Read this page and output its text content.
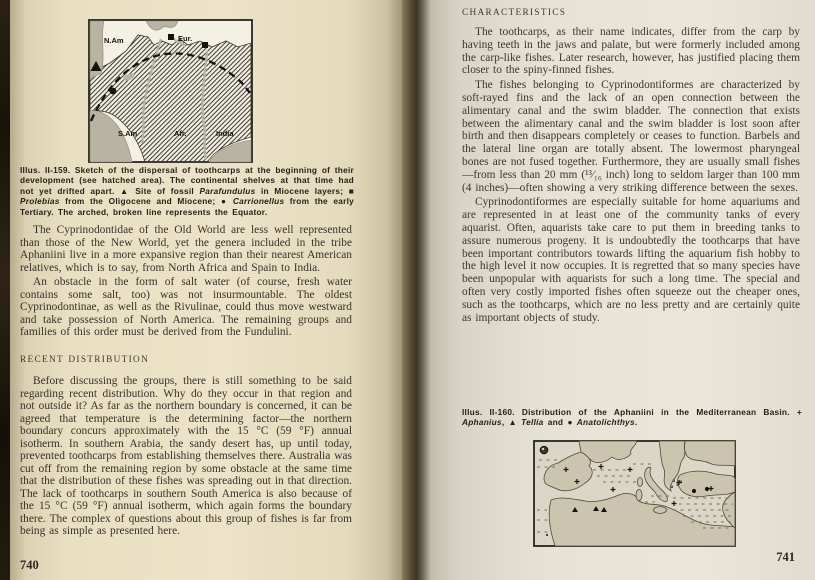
N.Am	Eur.
S.Am	Afr.	India
Illus. II-159. Sketch of the dispersal of toothcarps at the beginning of their development (see hatched area). The continental shelves at that time had not yet drifted apart. ▲ Site of fossil Parafundulus in Miocene layers; ■ Prolebias from the Oligocene and Miocene; ● Carrionellus from the early Tertiary. The arched, broken line represents the Equator.

The Cyprinodontidae of the Old World are less well represented than those of the New World, yet the genera included in the tribe Aphaniini live in a more expansive region than their nearest American relatives, which is to say, from North Africa and Spain to India.

An obstacle in the form of salt water (of course, fresh water contains some salt, too) was not insurmountable. The oldest Cyprinodontinae, as well as the Rivulinae, could thus move westward and take possession of North America. The remaining groups and families of this order must be derived from the Fundulini.

RECENT DISTRIBUTION

Before discussing the groups, there is still something to be said regarding recent distribution. Why do they occur in that region and not outside it? As far as the northern boundary is concerned, it can be agreed that temperature is the determining factor—the northern boundary concurs approximately with the 15 °C (59 °F) annual isotherm. In southern Arabia, the sandy desert has, up until today, prevented toothcarps from establishing themselves there. Australia was cut off from the remaining region by some obstacle at the same time that the distribution of these fishes was spreading out in that direction. The lack of toothcarps in southern South America is also because of the 15 °C (59 °F) annual isotherm, which again forms the boundary there. The complex of questions about this group of fishes is far from being as simple as presented here.

740
CHARACTERISTICS

The toothcarps, as their name indicates, differ from the carp by having teeth in the jaws and palate, but were formerly included among the carp-like fishes. Later research, however, has justified placing them closer to the spiny-finned fishes.

The fishes belonging to Cyprinodontiformes are characterized by soft-rayed fins and the lack of an open connection between the alimentary canal and the swim bladder. The connection that exists between the alimentary canal and the swim bladder is lost soon after birth and then disappears completely or ceases to function. Barbels and the lateral line organ are totally absent. The lowermost pharyngeal bones are not fused together. Furthermore, they are usually small fishes—from less than 20 mm (¹³⁄₁₆ inch) long to seldom larger than 100 mm (4 inches)—often showing a very striking difference between the sexes.

Cyprinodontiformes are especially suitable for home aquariums and are represented in at least one of the community tanks of every aquarist. Often, aquarists take care to put them in breeding tanks to assure numerous progeny. It is undoubtedly the toothcarps that have been important contributors towards lifting the aquarium fish hobby to the high level it now occupies. It is regretted that so many species have been unpopular with aquarists for such a long time. The special and often very costly imported fishes often squeeze out the cheaper ones, such as the toothcarps, which are no less pretty and are certainly quite as important objects of study.

Illus. II-160. Distribution of the Aphaniini in the Mediterranean Basin. + Aphanius, ▲ Tellia and ● Anatolichthys.
741
